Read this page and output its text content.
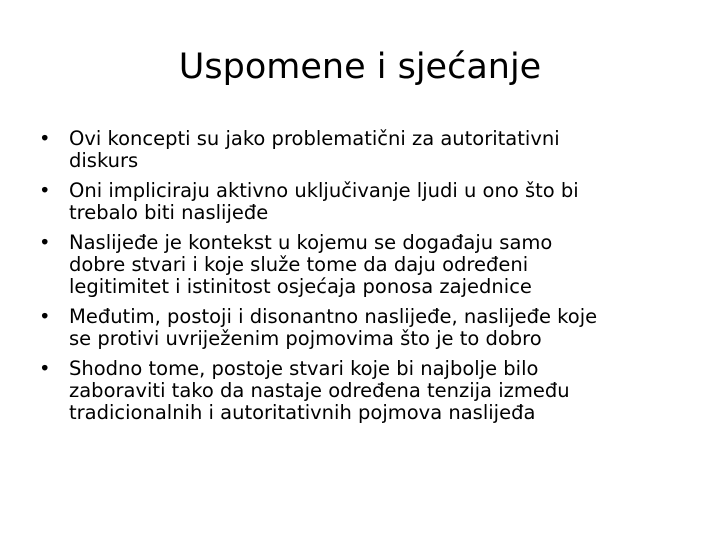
Uspomene i sjećanje
• Ovi koncepti su jako problematični za autoritativni
diskurs
• Oni impliciraju aktivno uključivanje ljudi u ono što bi
trebalo biti naslijeđe
• Naslijeđe je kontekst u kojemu se događaju samo
dobre stvari i koje služe tome da daju određeni
legitimitet i istinitost osjećaja ponosa zajednice
• Međutim, postoji i disonantno naslijeđe, naslijeđe koje
se protivi uvriježenim pojmovima što je to dobro
• Shodno tome, postoje stvari koje bi najbolje bilo
zaboraviti tako da nastaje određena tenzija između
tradicionalnih i autoritativnih pojmova naslijeđa
